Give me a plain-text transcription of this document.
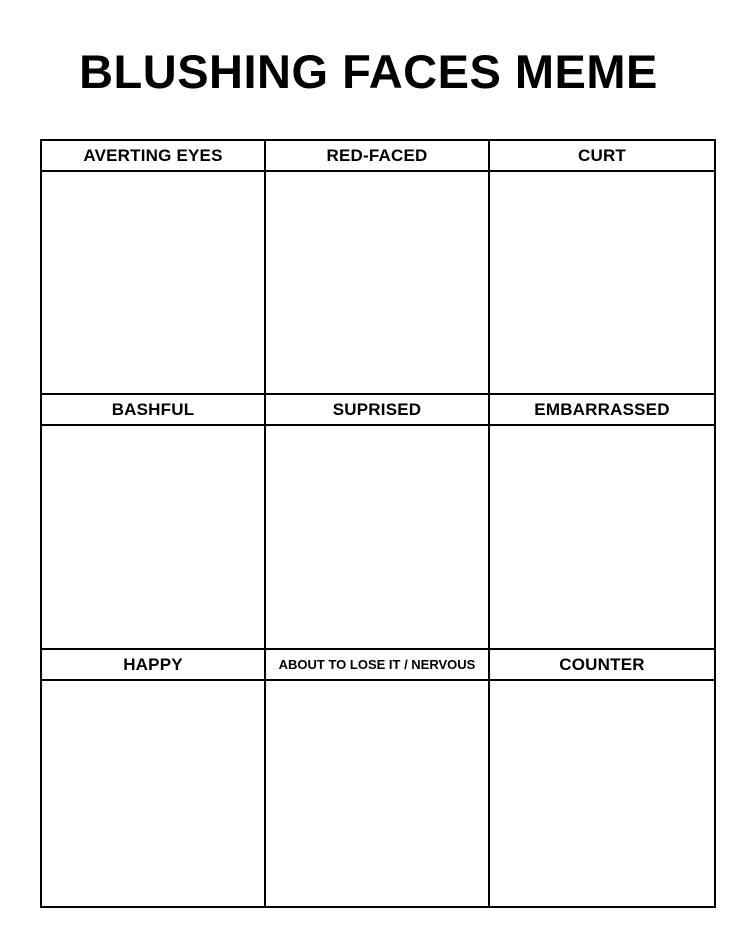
BLUSHING FACES MEME
AVERTING EYES	RED-FACED	CURT
BASHFUL	SUPRISED	EMBARRASSED
HAPPY	ABOUT TO LOSE IT / NERVOUS	COUNTER
